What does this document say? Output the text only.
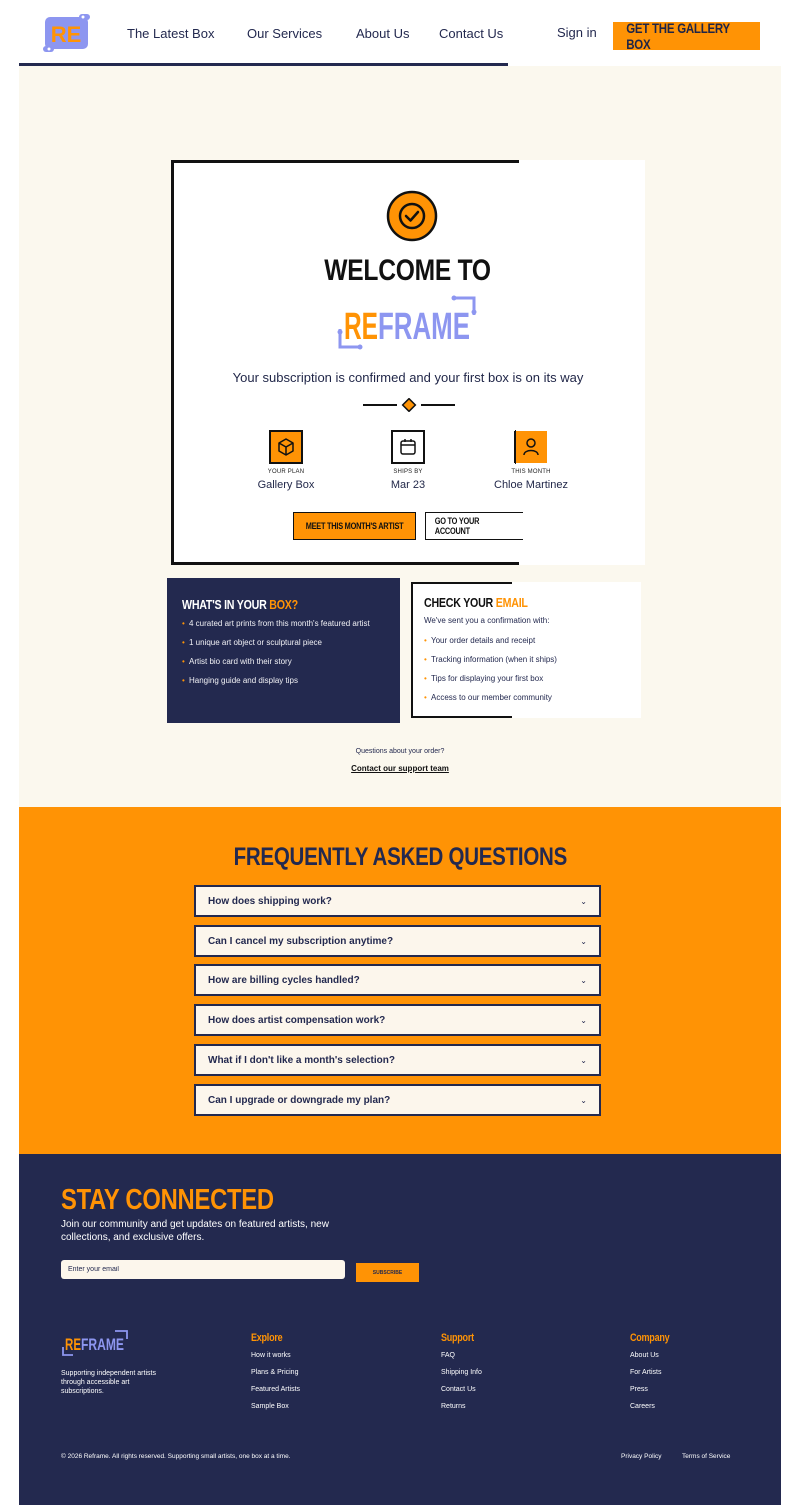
RE	The Latest Box	Our Services	About Us Contact Us	Sign in GET THE GALLERY BOX
WELCOME TO
RE FRAME
Your subscription is confirmed and your first box is on its way
YOUR PLAN
Gallery Box
SHIPS BY
Mar 23
THIS MONTH
Chloe Martinez
MEET THIS MONTH'S ARTIST	GO TO YOUR ACCOUNT
WHAT'S IN YOUR BOX?
• 4 curated art prints from this month's featured artist
• 1 unique art object or sculptural piece
• Artist bio card with their story
• Hanging guide and display tips
CHECK YOUR EMAIL
We've sent you a confirmation with:
• Your order details and receipt
• Tracking information (when it ships)
• Tips for displaying your first box
• Access to our member community
Questions about your order?
Contact our support team
FREQUENTLY ASKED QUESTIONS
How does shipping work?	⌄
Can I cancel my subscription anytime?	⌄
How are billing cycles handled?	⌄
How does artist compensation work?	⌄
What if I don't like a month's selection?	⌄
Can I upgrade or downgrade my plan?	⌄
STAY CONNECTED
Join our community and get updates on featured artists, new collections, and exclusive offers.
Enter your email
SUBSCRIBE
RE FRAME
Supporting independent artists through accessible art subscriptions.
Explore
How it works
Plans & Pricing
Featured Artists
Sample Box
Support
FAQ
Shipping Info
Contact Us
Returns
Company
About Us
For Artists
Press
Careers
© 2026 Reframe. All rights reserved. Supporting small artists, one box at a time.	Privacy Policy	Terms of Service
